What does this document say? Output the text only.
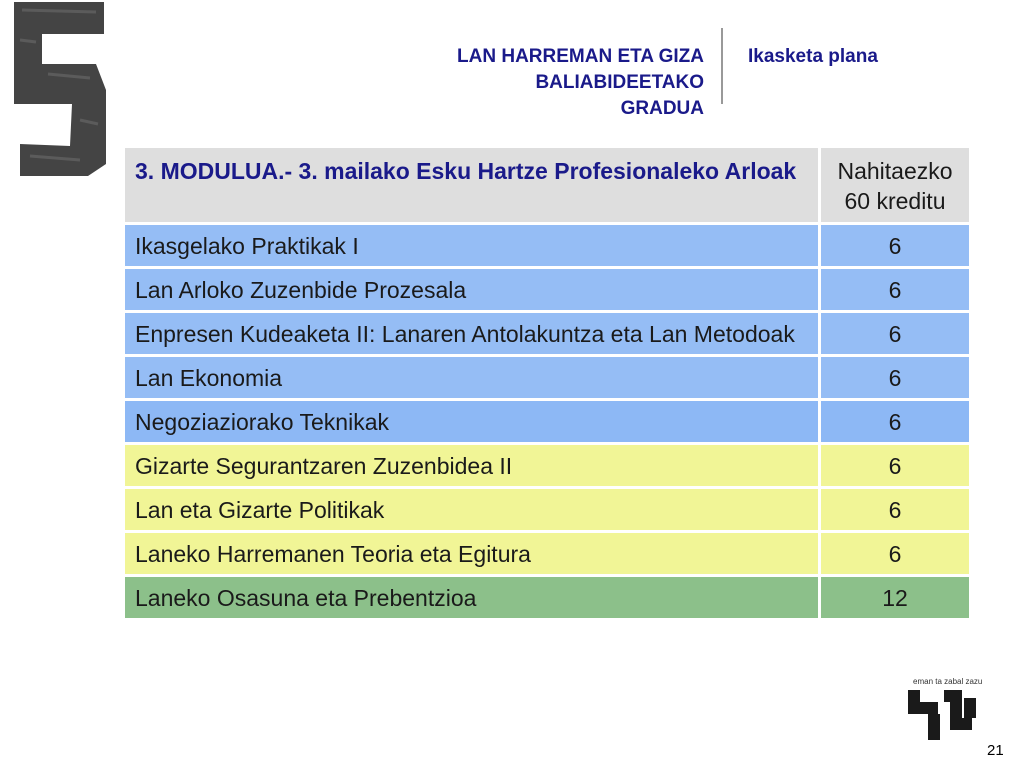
LAN HARREMAN ETA GIZA
BALIABIDEETAKO
GRADUA
Ikasketa plana
3. MODULUA.- 3. mailako Esku Hartze Profesionaleko Arloak	Nahitaezko
60 kreditu

Ikasgelako Praktikak I	6
Lan Arloko Zuzenbide Prozesala	6
Enpresen Kudeaketa II: Lanaren Antolakuntza eta Lan Metodoak	6
Lan Ekonomia	6
Negoziaziorako Teknikak	6
Gizarte Segurantzaren Zuzenbidea II	6
Lan eta Gizarte Politikak	6
Laneko Harremanen Teoria eta Egitura	6
Laneko Osasuna eta Prebentzioa	12
eman ta zabal zazu
21
